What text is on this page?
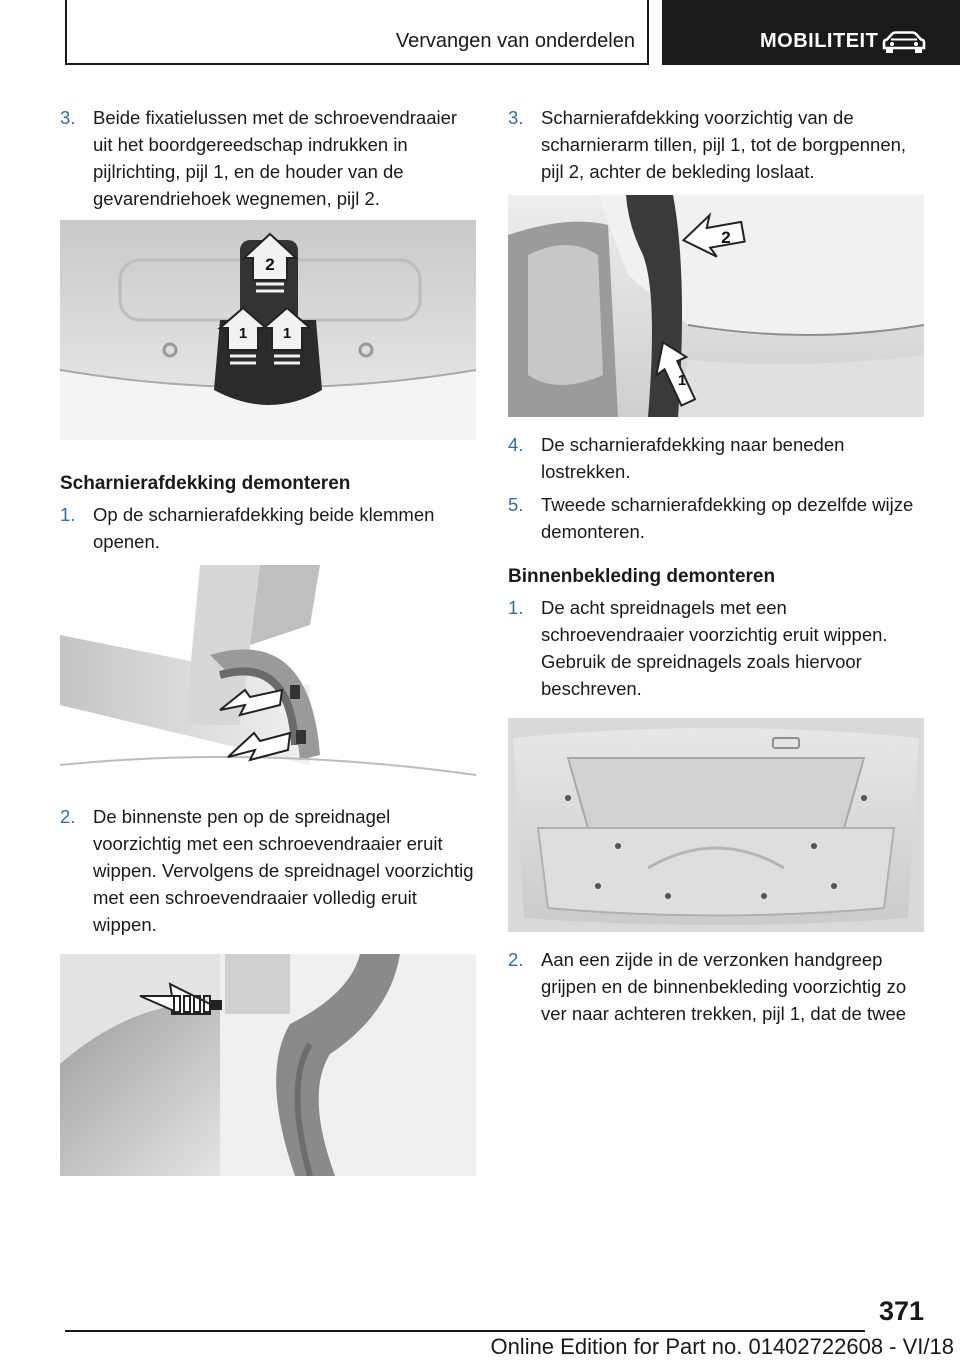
Vervangen van onderdelen	MOBILITEIT
3. Beide fixatielussen met de schroevendraaier uit het boordgereedschap indrukken in pijlrichting, pijl 1, en de houder van de gevarendriehoek wegnemen, pijl 2.
2
1 1
Scharnierafdekking demonteren
1. Op de scharnierafdekking beide klemmen openen.
2. De binnenste pen op de spreidnagel voorzichtig met een schroevendraaier eruit wippen. Vervolgens de spreidnagel voorzichtig met een schroevendraaier volledig eruit wippen.
3. Scharnierafdekking voorzichtig van de scharnierarm tillen, pijl 1, tot de borgpennen, pijl 2, achter de bekleding loslaat.
2
1
4. De scharnierafdekking naar beneden lostrekken.
5. Tweede scharnierafdekking op dezelfde wijze demonteren.
Binnenbekleding demonteren
1. De acht spreidnagels met een schroevendraaier voorzichtig eruit wippen. Gebruik de spreidnagels zoals hiervoor beschreven.
2. Aan een zijde in de verzonken handgreep grijpen en de binnenbekleding voorzichtig zo ver naar achteren trekken, pijl 1, dat de twee
371
Online Edition for Part no. 01402722608 - VI/18
